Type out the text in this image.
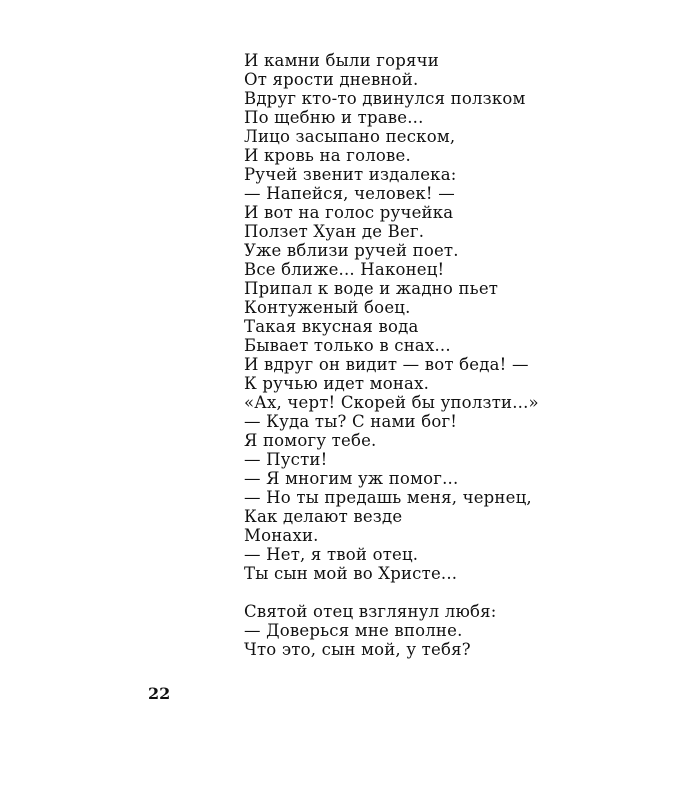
И камни были горячи
От ярости дневной.
Вдруг кто-то двинулся ползком
По щебню и траве...
Лицо засыпано песком,
И кровь на голове.
Ручей звенит издалека:
— Напейся, человек! —
И вот на голос ручейка
Ползет Хуан де Вег.
Уже вблизи ручей поет.
Все ближе... Наконец!
Припал к воде и жадно пьет
Контуженый боец.
Такая вкусная вода
Бывает только в снах...
И вдруг он видит — вот беда! —
К ручью идет монах.
«Ах, черт! Скорей бы уползти...»
— Куда ты? С нами бог!
Я помогу тебе.
— Пусти!
— Я многим уж помог...
— Но ты предашь меня, чернец,
Как делают везде
Монахи.
— Нет, я твой отец.
Ты сын мой во Христе...
Святой отец взглянул любя:
— Доверься мне вполне.
Что это, сын мой, у тебя?
22
